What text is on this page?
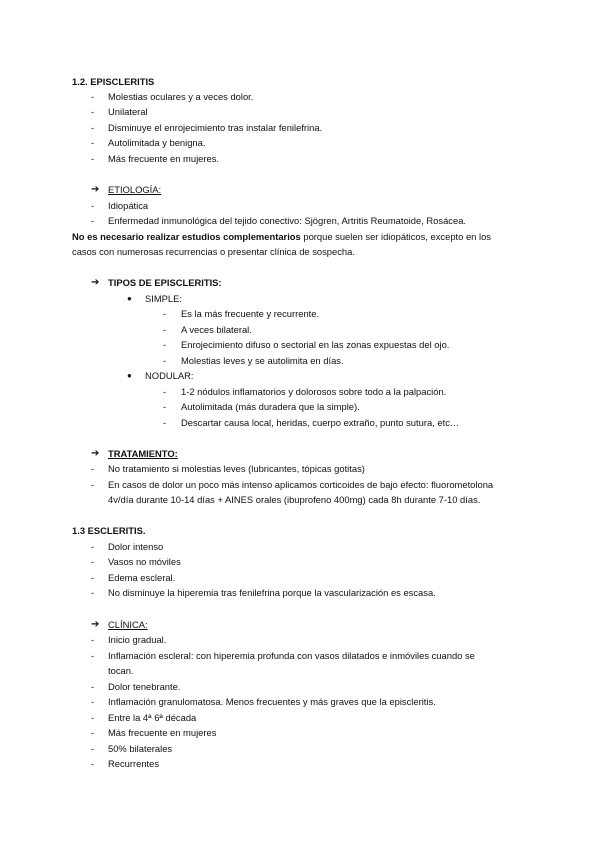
1.2. EPISCLERITIS
- Molestias oculares y a veces dolor.
- Unilateral
- Disminuye el enrojecimiento tras instalar fenilefrina.
- Autolimitada y benigna.
- Más frecuente en mujeres.
➔ ETIOLOGÍA:
- Idiopática
- Enfermedad inmunológica del tejido conectivo: Sjögren, Artritis Reumatoide, Rosácea.
No es necesario realizar estudios complementarios porque suelen ser idiopáticos, excepto en los
casos con numerosas recurrencias o presentar clínica de sospecha.
➔ TIPOS DE EPISCLERITIS:
● SIMPLE:
- Es la más frecuente y recurrente.
- A veces bilateral.
- Enrojecimiento difuso o sectorial en las zonas expuestas del ojo.
- Molestias leves y se autolimita en días.
● NODULAR:
- 1-2 nódulos inflamatorios y dolorosos sobre todo a la palpación.
- Autolimitada (más duradera que la simple).
- Descartar causa local, heridas, cuerpo extraño, punto sutura, etc…
➔ TRATAMIENTO:
- No tratamiento si molestias leves (lubricantes, tópicas gotitas)
- En casos de dolor un poco más intenso aplicamos corticoides de bajo efecto: fluorometolona
4v/día durante 10-14 días + AINES orales (ibuprofeno 400mg) cada 8h durante 7-10 días.
1.3 ESCLERITIS.
- Dolor intenso
- Vasos no móviles
- Edema escleral.
- No disminuye la hiperemia tras fenilefrina porque la vascularización es escasa.
➔ CLÍNICA:
- Inicio gradual.
- Inflamación escleral: con hiperemia profunda con vasos dilatados e inmóviles cuando se
tocan.
- Dolor tenebrante.
- Inflamación granulomatosa. Menos frecuentes y más graves que la episcleritis.
- Entre la 4ª 6ª década
- Más frecuente en mujeres
- 50% bilaterales
- Recurrentes
